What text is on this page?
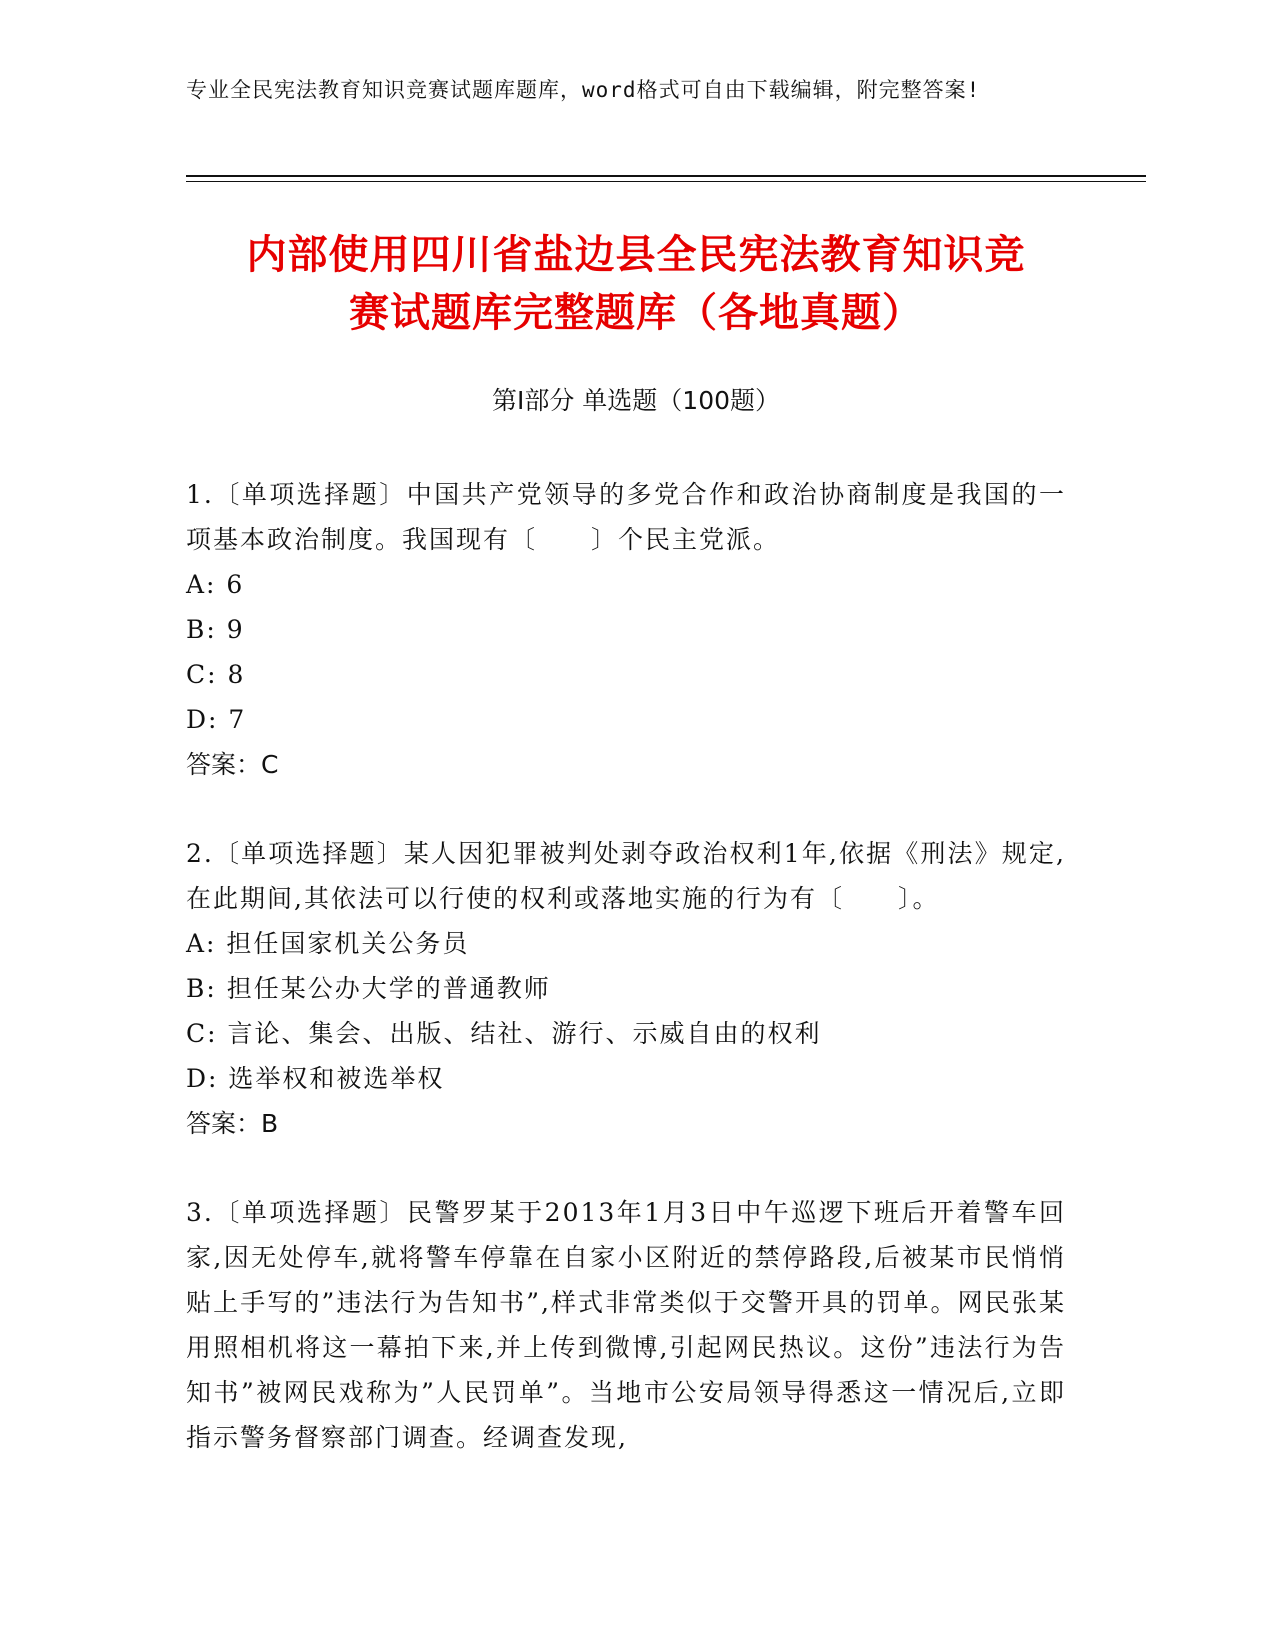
专业全民宪法教育知识竞赛试题库题库，word格式可自由下载编辑，附完整答案!
内部使用四川省盐边县全民宪法教育知识竞
赛试题库完整题库（各地真题）
第Ⅰ部分 单选题（100题）

1.〔单项选择题〕中国共产党领导的多党合作和政治协商制度是我国的一项基本政治制度。我国现有〔　　〕个民主党派。

A: 6

B: 9

C: 8

D: 7

答案：C

2.〔单项选择题〕某人因犯罪被判处剥夺政治权利1年,依据《刑法》规定,在此期间,其依法可以行使的权利或落地实施的行为有〔　　〕。

A: 担任国家机关公务员

B: 担任某公办大学的普通教师

C: 言论、集会、出版、结社、游行、示威自由的权利

D: 选举权和被选举权

答案：B

3.〔单项选择题〕民警罗某于2013年1月3日中午巡逻下班后开着警车回家,因无处停车,就将警车停靠在自家小区附近的禁停路段,后被某市民悄悄贴上手写的”违法行为告知书”,样式非常类似于交警开具的罚单。网民张某用照相机将这一幕拍下来,并上传到微博,引起网民热议。这份”违法行为告知书”被网民戏称为”人民罚单”。当地市公安局领导得悉这一情况后,立即指示警务督察部门调查。经调查发现,
